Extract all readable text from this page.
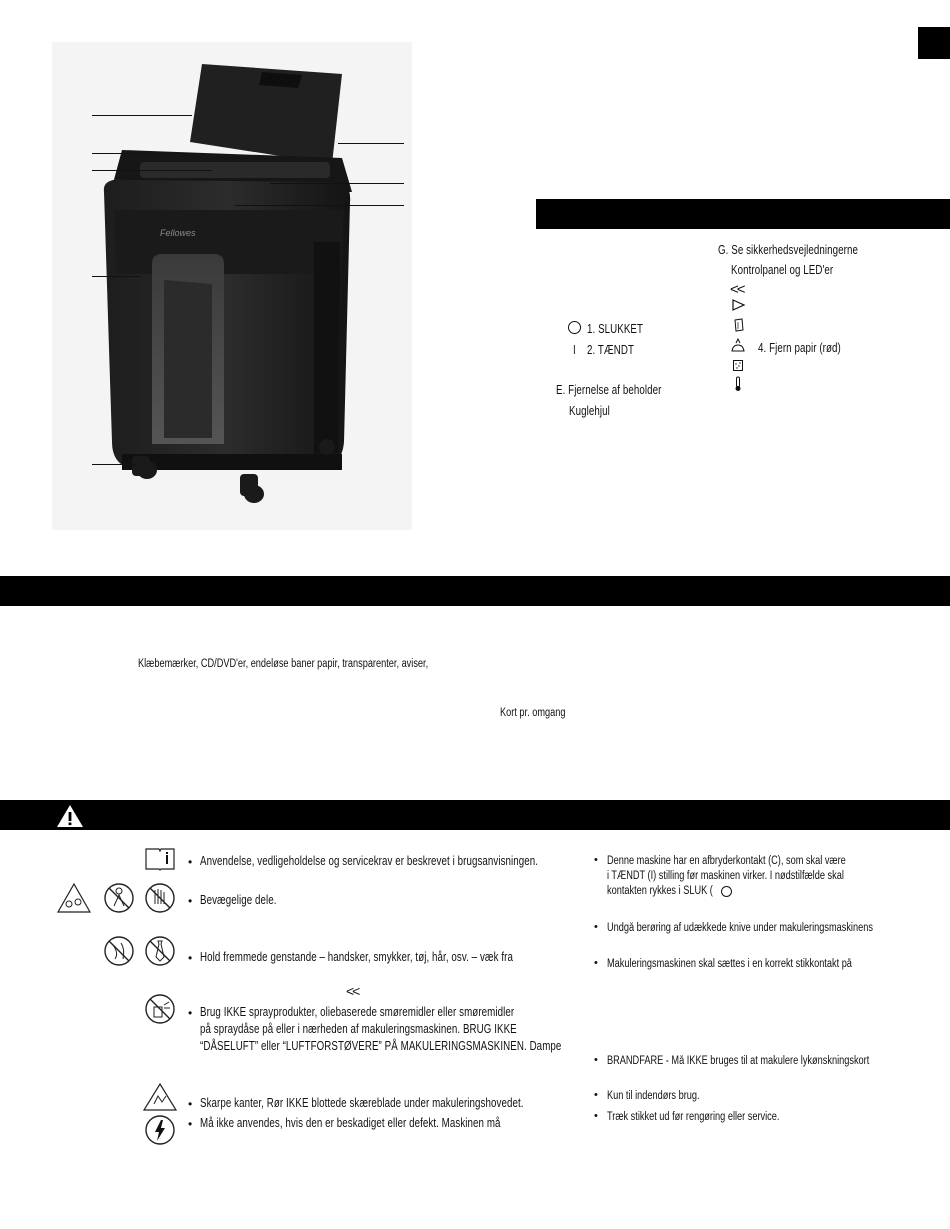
Fellowes
G. Se sikkerhedsvejledningerne
Kontrolpanel og LED'er
<<
4. Fjern papir (rød)
1. SLUKKET
I 2. TÆNDT
E. Fjernelse af beholder
Kuglehjul
Klæbemærker, CD/DVD'er, endeløse baner papir, transparenter, aviser,
Kort pr. omgang
• Anvendelse, vedligeholdelse og servicekrav er beskrevet i brugsanvisningen.
• Bevægelige dele.
• Hold fremmede genstande – handsker, smykker, tøj, hår, osv. – væk fra
<<
• Brug IKKE sprayprodukter, oliebaserede smøremidler eller smøremidler
på spraydåse på eller i nærheden af makuleringsmaskinen. BRUG IKKE
“DÅSELUFT” eller “LUFTFORSTØVERE” PÅ MAKULERINGSMASKINEN. Dampe
• Skarpe kanter, Rør IKKE blottede skæreblade under makuleringshovedet.
• Må ikke anvendes, hvis den er beskadiget eller defekt. Maskinen må
• Denne maskine har en afbryderkontakt (C), som skal være
i TÆNDT (I) stilling før maskinen virker. I nødstilfælde skal
kontakten rykkes i SLUK (
• Undgå berøring af udækkede knive under makuleringsmaskinens
• Makuleringsmaskinen skal sættes i en korrekt stikkontakt på
• BRANDFARE - Må IKKE bruges til at makulere lykønskningskort
• Kun til indendørs brug.
• Træk stikket ud før rengøring eller service.
